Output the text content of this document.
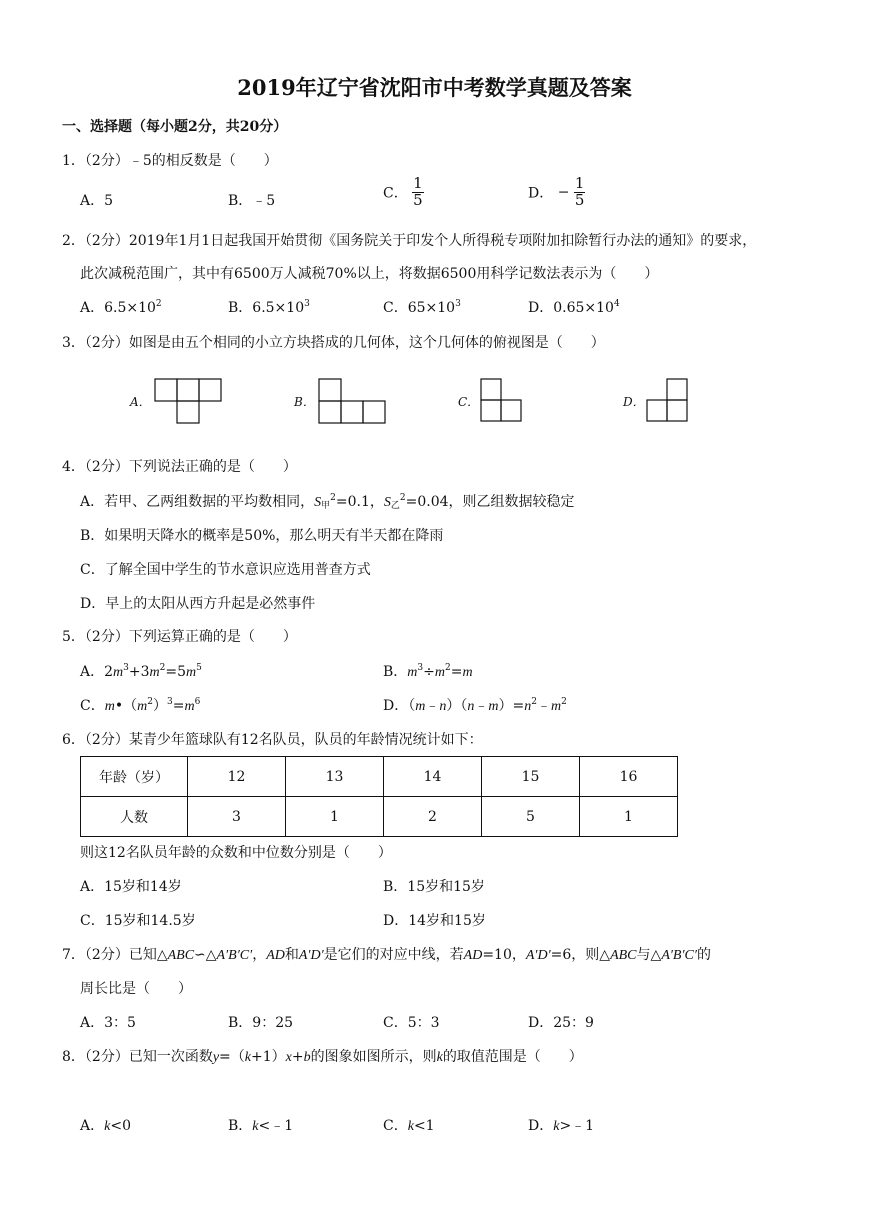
2019年辽宁省沈阳市中考数学真题及答案
一、选择题（每小题2分，共20分）
1．（2分）﹣5的相反数是（　　）
A．5	B．﹣5	C． $\frac{1}{5}$	D． − $\frac{1}{5}$
2．（2分）2019年1月1日起我国开始贯彻《国务院关于印发个人所得税专项附加扣除暂行办法的通知》的要求，
此次减税范围广，其中有6500万人减税70%以上，将数据6500用科学记数法表示为（　　）
A．$6.5\times 10^2$	B．$6.5\times 10^3$	C．$65\times 10^3$	D．$0.65\times 10^4$
3．（2分）如图是由五个相同的小立方块搭成的几何体，这个几何体的俯视图是（　　）
A．	B．	C．	D．
4．（2分）下列说法正确的是（　　）
A．若甲、乙两组数据的平均数相同，$S_甲^2=0.1$，$S_乙^2=0.04$，则乙组数据较稳定
B．如果明天降水的概率是50%，那么明天有半天都在降雨
C．了解全国中学生的节水意识应选用普查方式
D．早上的太阳从西方升起是必然事件
5．（2分）下列运算正确的是（　　）
A．$2m^3+3m^2=5m^5$	B．$m^3\div m^2=m$
C．$m•(m^2)^3=m^6$	D．$(m﹣n)(n﹣m)=n^2﹣m^2$
6．（2分）某青少年篮球队有12名队员，队员的年龄情况统计如下：
年龄（岁）	12	13	14	15	16
人数	3	1	2	5	1
则这12名队员年龄的众数和中位数分别是（　　）
A．15岁和14岁	B．15岁和15岁
C．15岁和14.5岁	D．14岁和15岁
7．（2分）已知△ABC∽△A′B′C′，AD和A′D′是它们的对应中线，若AD=10，A′D′=6，则△ABC与△A′B′C′的
周长比是（　　）
A．3：5	B．9：25	C．5：3	D．25：9
8．（2分）已知一次函数y=（k+1）x+b的图象如图所示，则k的取值范围是（　　）
A．k<0	B．k<﹣1	C．k<1	D．k>﹣1
